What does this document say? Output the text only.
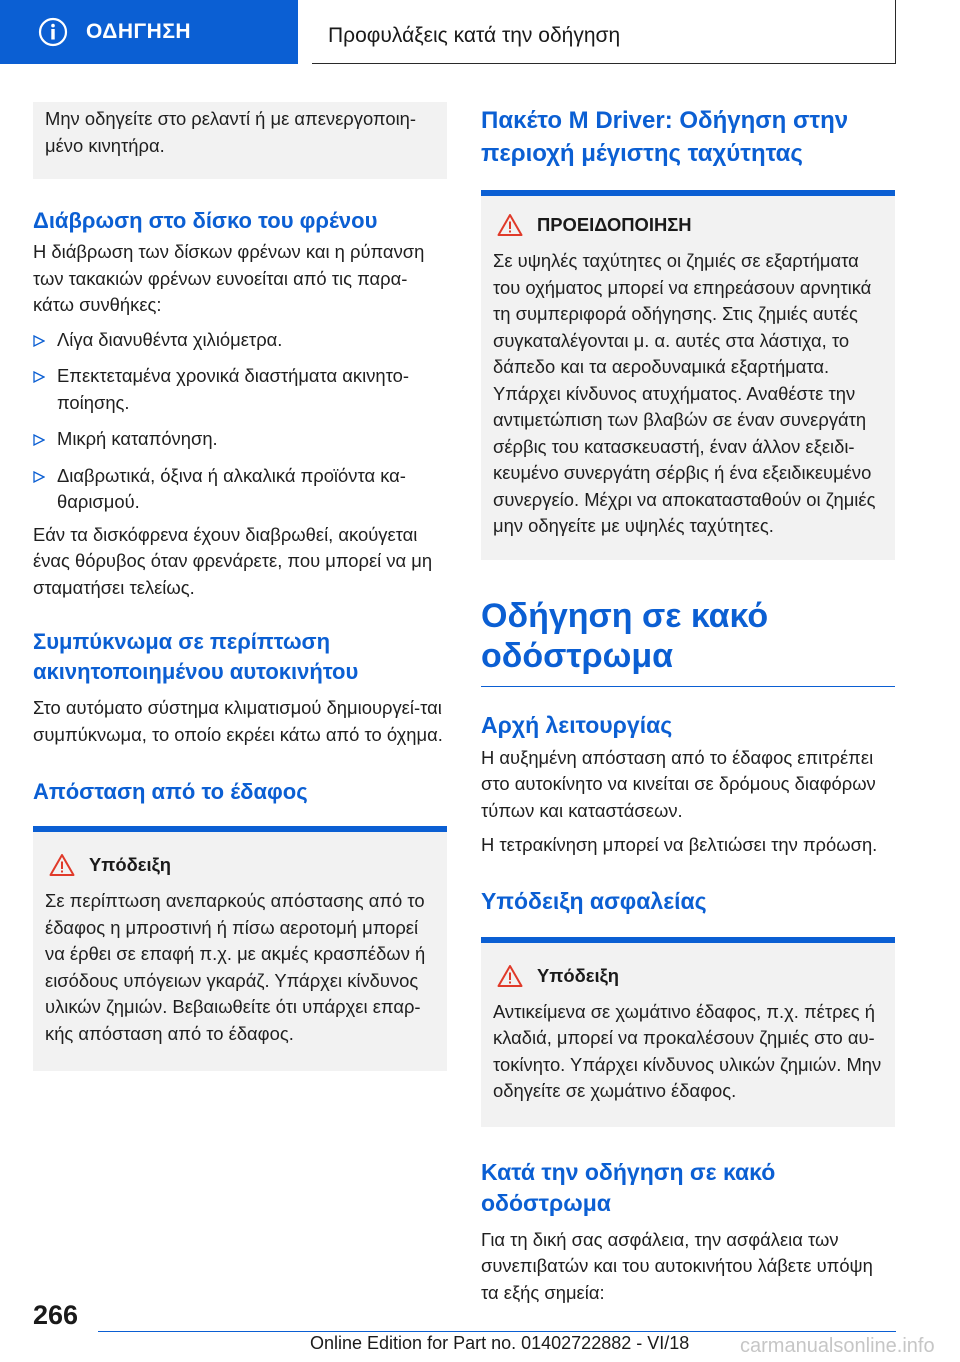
ΟΔΗΓΗΣΗ	Προφυλάξεις κατά την οδήγηση

Μην οδηγείτε στο ρελαντί ή με απενεργοποιη-μένο κινητήρα.

Διάβρωση στο δίσκο του φρένου

Η διάβρωση των δίσκων φρένων και η ρύπανση των τακακιών φρένων ευνοείται από τις παρα-κάτω συνθήκες:

Λίγα διανυθέντα χιλιόμετρα.
Επεκτεταμένα χρονικά διαστήματα ακινητο-ποίησης.
Μικρή καταπόνηση.
Διαβρωτικά, όξινα ή αλκαλικά προϊόντα κα-θαρισμού.

Εάν τα δισκόφρενα έχουν διαβρωθεί, ακούγεται ένας θόρυβος όταν φρενάρετε, που μπορεί να μη σταματήσει τελείως.

Συμπύκνωμα σε περίπτωση ακινητοποιημένου αυτοκινήτου

Στο αυτόματο σύστημα κλιματισμού δημιουργεί-ται συμπύκνωμα, το οποίο εκρέει κάτω από το όχημα.

Απόσταση από το έδαφος
Υπόδειξη

Σε περίπτωση ανεπαρκούς απόστασης από το έδαφος η μπροστινή ή πίσω αεροτομή μπορεί να έρθει σε επαφή π.χ. με ακμές κρασπέδων ή εισόδους υπόγειων γκαράζ. Υπάρχει κίνδυνος υλικών ζημιών. Βεβαιωθείτε ότι υπάρχει επαρ-κής απόσταση από το έδαφος.

Πακέτο M Driver: Οδήγηση στην περιοχή μέγιστης ταχύτητας
ΠΡΟΕΙΔΟΠΟΙΗΣΗ

Σε υψηλές ταχύτητες οι ζημιές σε εξαρτήματα του οχήματος μπορεί να επηρεάσουν αρνητικά τη συμπεριφορά οδήγησης. Στις ζημιές αυτές συγκαταλέγονται μ. α. αυτές στα λάστιχα, το δάπεδο και τα αεροδυναμικά εξαρτήματα. Υπάρχει κίνδυνος ατυχήματος. Αναθέστε την αντιμετώπιση των βλαβών σε έναν συνεργάτη σέρβις του κατασκευαστή, έναν άλλον εξειδι-κευμένο συνεργάτη σέρβις ή ένα εξειδικευμένο συνεργείο. Μέχρι να αποκατασταθούν οι ζημιές μην οδηγείτε με υψηλές ταχύτητες.

Οδήγηση σε κακό οδόστρωμα
Αρχή λειτουργίας

Η αυξημένη απόσταση από το έδαφος επιτρέπει στο αυτοκίνητο να κινείται σε δρόμους διαφόρων τύπων και καταστάσεων.

Η τετρακίνηση μπορεί να βελτιώσει την πρόωση.

Υπόδειξη ασφαλείας
Υπόδειξη

Αντικείμενα σε χωμάτινο έδαφος, π.χ. πέτρες ή κλαδιά, μπορεί να προκαλέσουν ζημιές στο αυ-τοκίνητο. Υπάρχει κίνδυνος υλικών ζημιών. Μην οδηγείτε σε χωμάτινο έδαφος.

Κατά την οδήγηση σε κακό οδόστρωμα

Για τη δική σας ασφάλεια, την ασφάλεια των συνεπιβατών και του αυτοκινήτου λάβετε υπόψη τα εξής σημεία:

266
Online Edition for Part no. 01402722882 - VI/18	carmanualsonline.info
